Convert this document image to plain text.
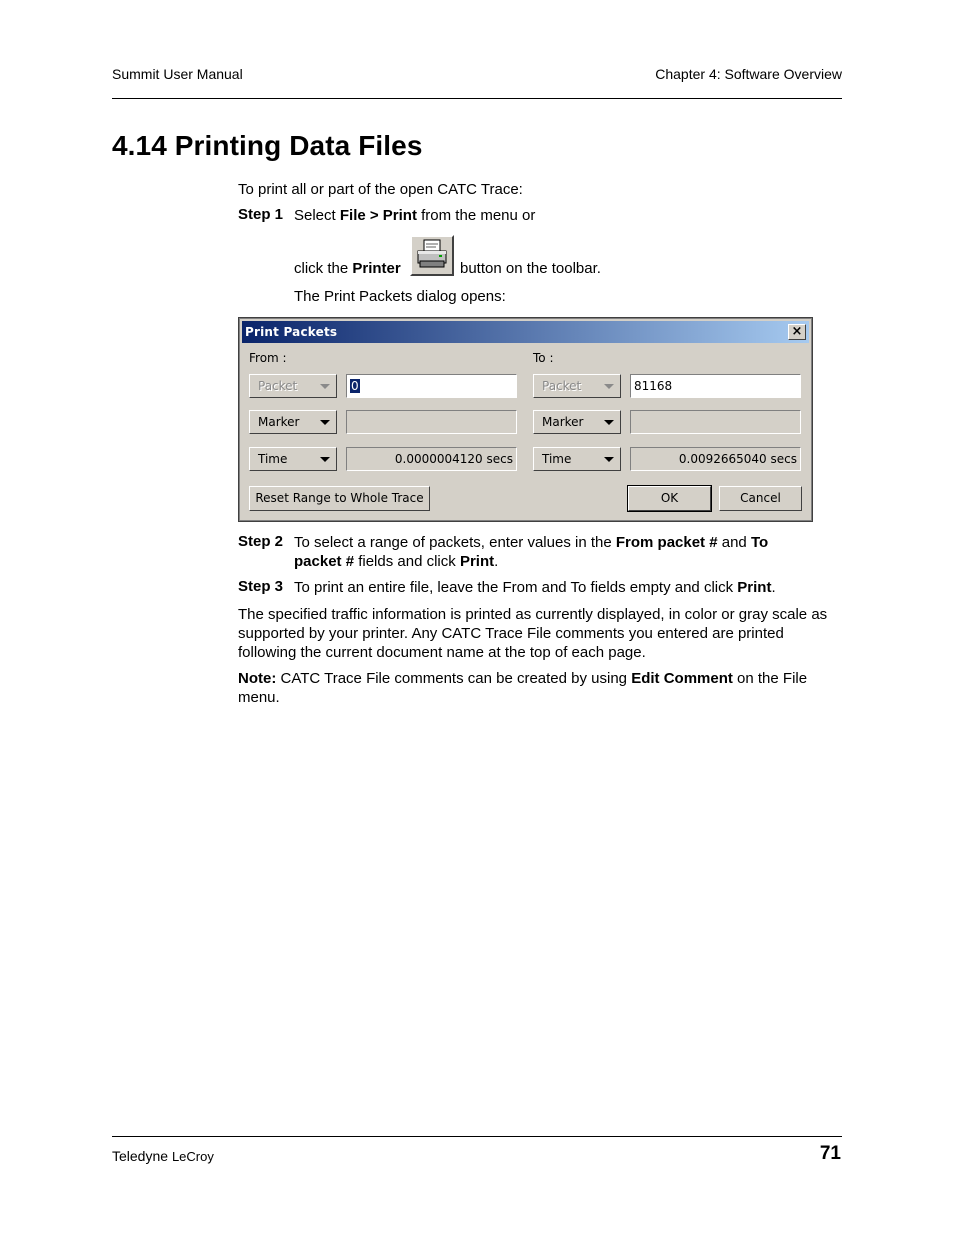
Summit User Manual	Chapter 4: Software Overview
4.14 Printing Data Files
To print all or part of the open CATC Trace:
Step 1 Select File > Print from the menu or
click the Printer	button on the toolbar.
The Print Packets dialog opens:
Print Packets	×
From :	To :
Packet	0
Marker
Time	0.0000004120 secs
Packet	81168
Marker
Time	0.0092665040 secs
Reset Range to Whole Trace	OK	Cancel
Step 2 To select a range of packets, enter values in the From packet # and To
packet # fields and click Print.
Step 3 To print an entire file, leave the From and To fields empty and click Print.
The specified traffic information is printed as currently displayed, in color or gray scale as
supported by your printer. Any CATC Trace File comments you entered are printed
following the current document name at the top of each page.
Note: CATC Trace File comments can be created by using Edit Comment on the File
menu.
Teledyne LeCroy	71
